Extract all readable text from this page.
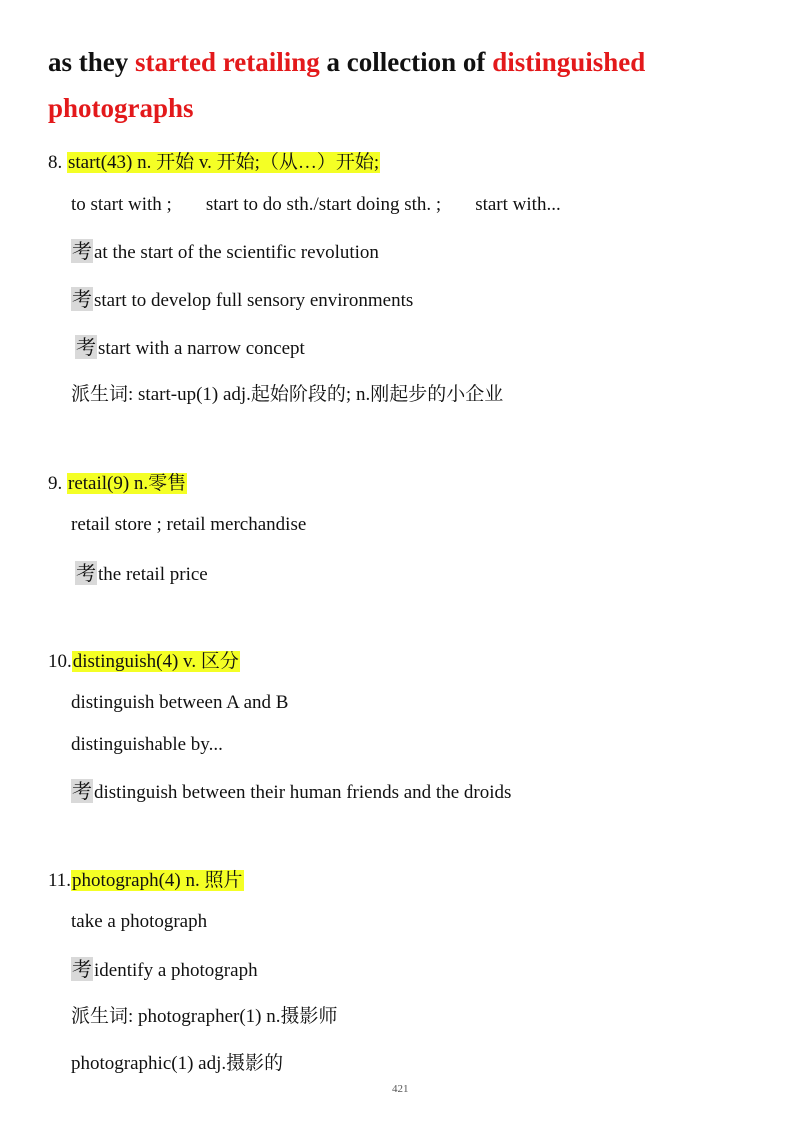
as they started retailing a collection of distinguished
photographs
8. start(43) n. 开始 v. 开始;（从…）开始;
to start with ; start to do sth./start doing sth. ; start with...
考 at the start of the scientific revolution
考 start to develop full sensory environments
考 start with a narrow concept
派生词: start-up(1) adj.起始阶段的; n.刚起步的小企业
9. retail(9) n.零售
retail store ; retail merchandise
考 the retail price
10.distinguish(4) v. 区分
distinguish between A and B
distinguishable by...
考 distinguish between their human friends and the droids
11.photograph(4) n. 照片
take a photograph
考 identify a photograph
派生词: photographer(1) n.摄影师
photographic(1) adj.摄影的
421
